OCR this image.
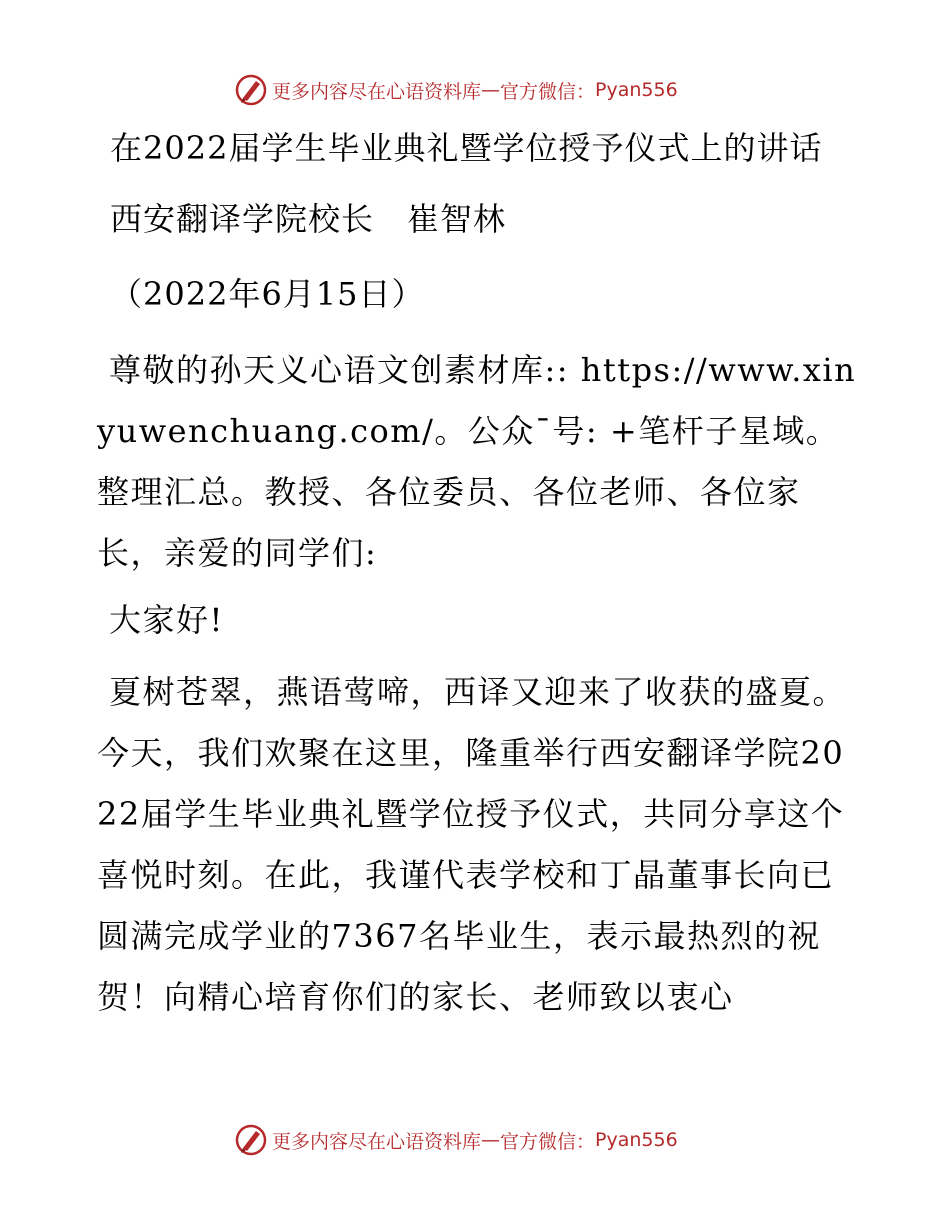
更多内容尽在心语资料库 — 官方微信： Pyan556
在2022届学生毕业典礼暨学位授予仪式上的讲话
西安翻译学院校长　崔智林
（2022年6月15日）
尊敬的孙天义心语文创素材库:: https://www.xinyuwenchuang.com/。公众¯号: +笔杆子星域。整理汇总。教授、各位委员、各位老师、各位家长，亲爱的同学们:
大家好!
夏树苍翠，燕语莺啼，西译又迎来了收获的盛夏。今天，我们欢聚在这里，隆重举行西安翻译学院2022届学生毕业典礼暨学位授予仪式，共同分享这个喜悦时刻。在此，我谨代表学校和丁晶董事长向已圆满完成学业的7367名毕业生，表示最热烈的祝贺！向精心培育你们的家长、老师致以衷心
更多内容尽在心语资料库 — 官方微信： Pyan556
